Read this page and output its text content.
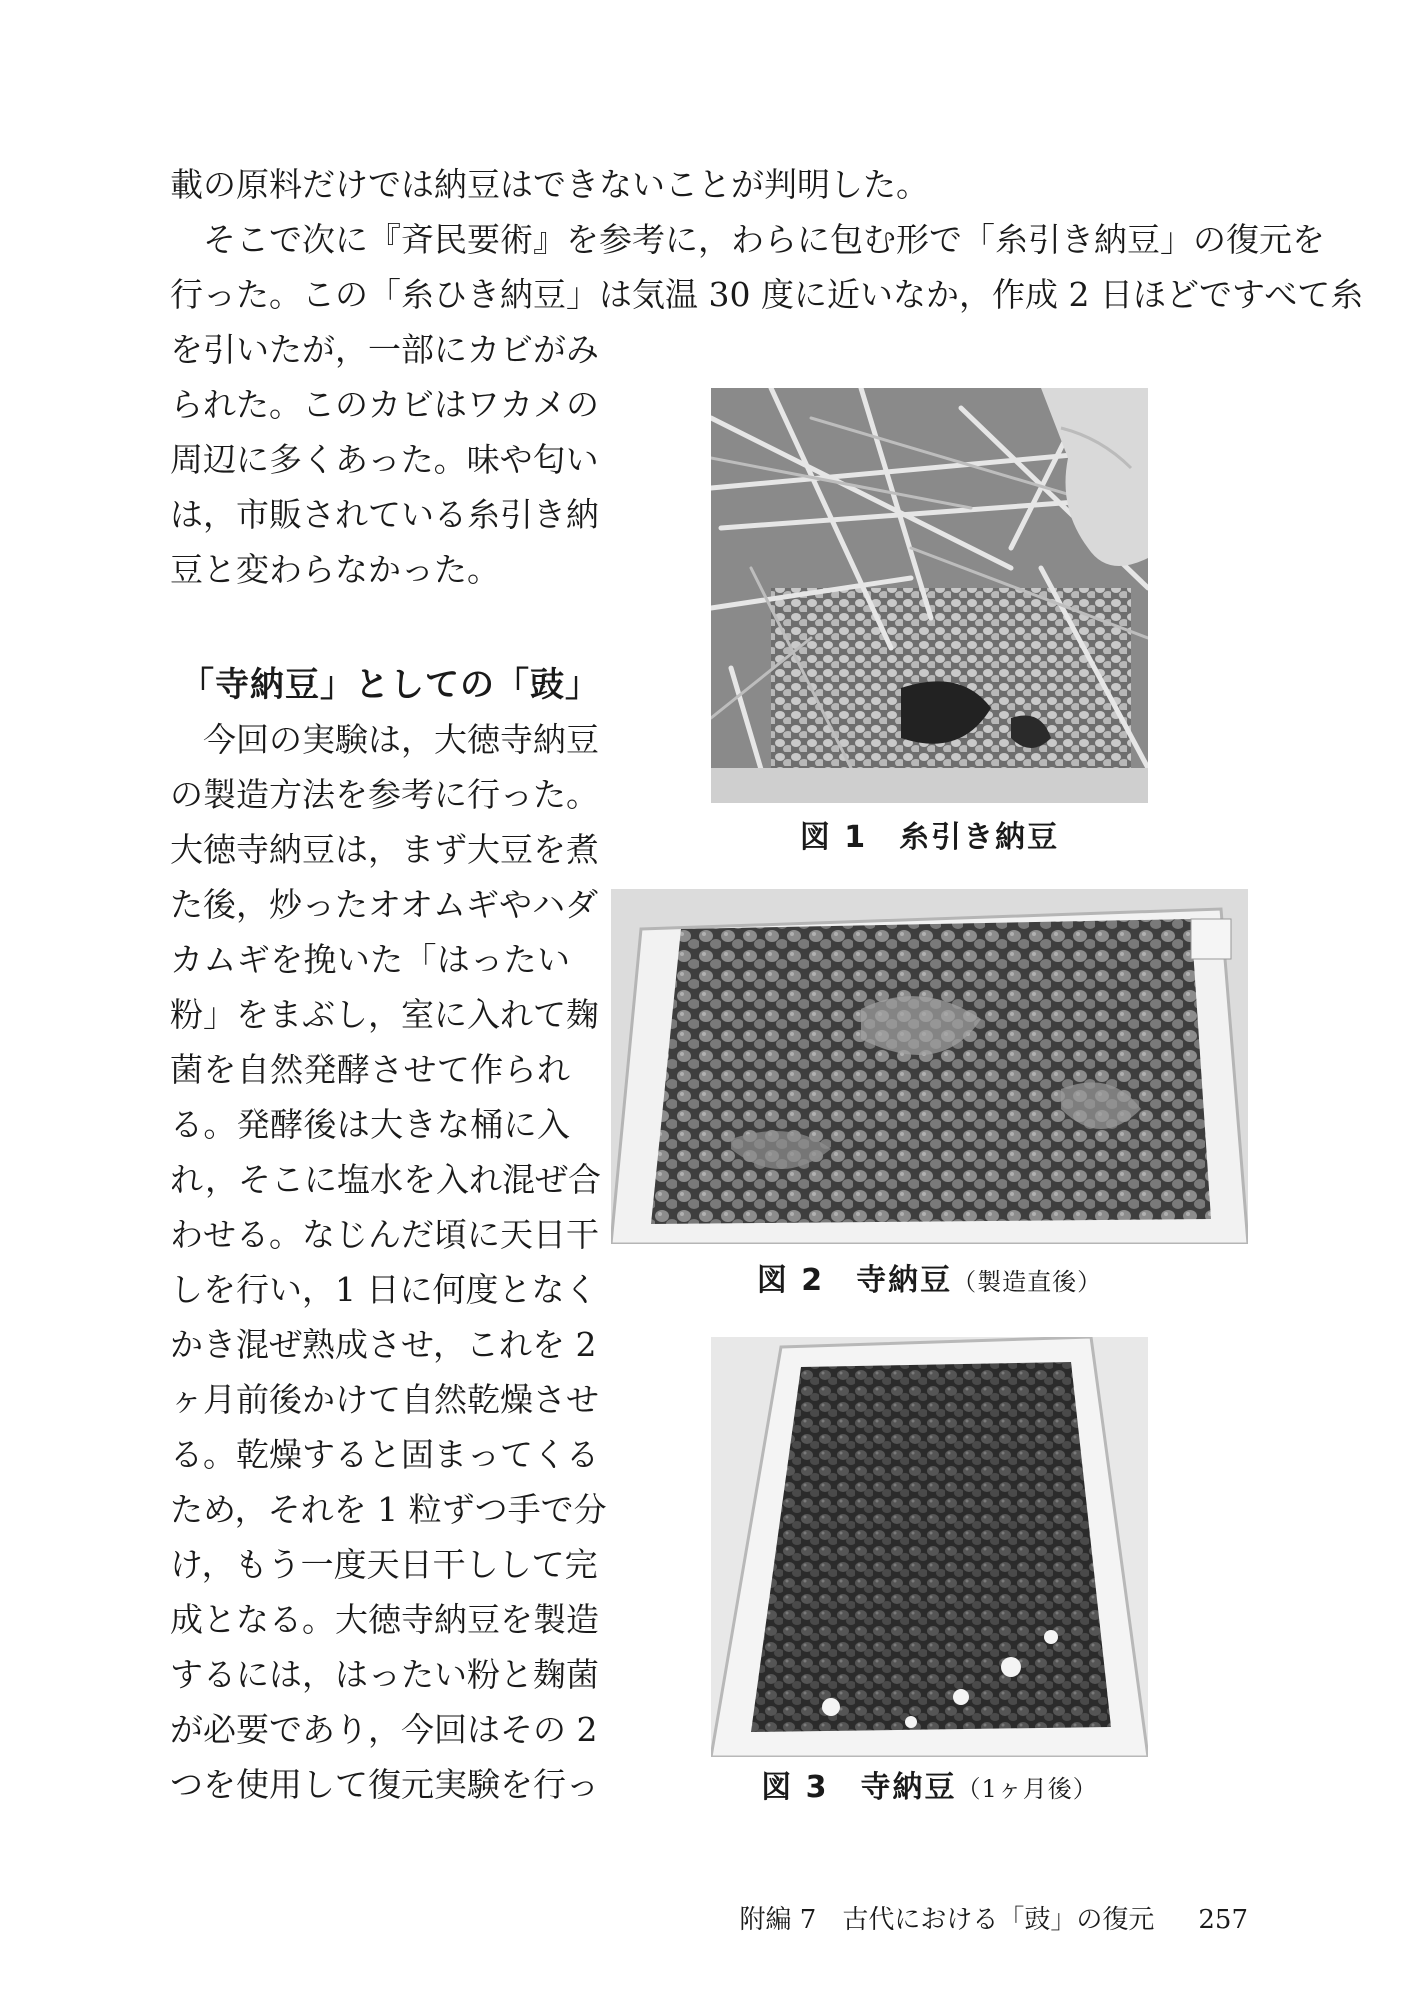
載の原料だけでは納豆はできないことが判明した。
　そこで次に『斉民要術』を参考に，わらに包む形で「糸引き納豆」の復元を
行った。この「糸ひき納豆」は気温 30 度に近いなか，作成 2 日ほどですべて糸
を引いたが，一部にカビがみ
られた。このカビはワカメの
周辺に多くあった。味や匂い
は，市販されている糸引き納
豆と変わらなかった。
「寺納豆」としての「豉」
　今回の実験は，大徳寺納豆
の製造方法を参考に行った。
大徳寺納豆は，まず大豆を煮
た後，炒ったオオムギやハダ
カムギを挽いた「はったい
粉」をまぶし，室に入れて麹
菌を自然発酵させて作られ
る。発酵後は大きな桶に入
れ，そこに塩水を入れ混ぜ合
わせる。なじんだ頃に天日干
しを行い，1 日に何度となく
かき混ぜ熟成させ，これを 2
ヶ月前後かけて自然乾燥させ
る。乾燥すると固まってくる
ため，それを 1 粒ずつ手で分
け，もう一度天日干しして完
成となる。大徳寺納豆を製造
するには，はったい粉と麹菌
が必要であり，今回はその 2
つを使用して復元実験を行っ
図 1　 糸引き納豆
図 2　 寺納豆（製造直後）
図 3　 寺納豆（1ヶ月後）
附編 7　古代における「豉」の復元 257
